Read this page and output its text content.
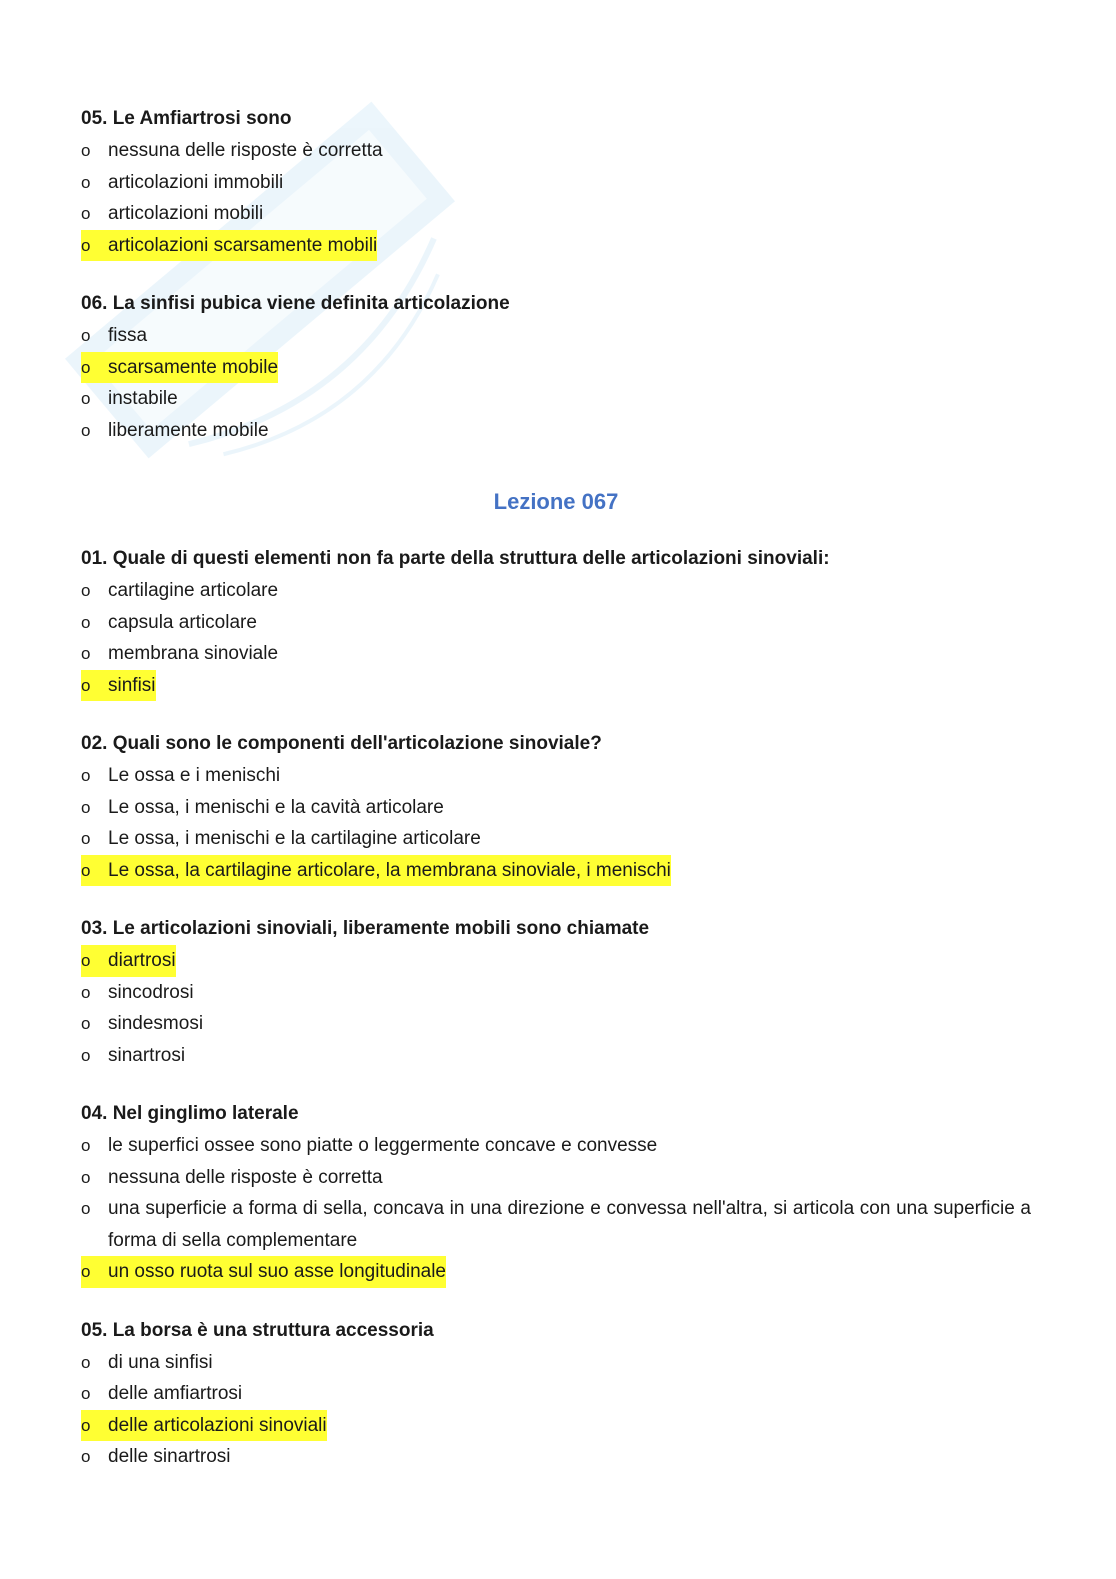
05. Le Amfiartrosi sono
o nessuna delle risposte è corretta
o articolazioni immobili
o articolazioni mobili
o articolazioni scarsamente mobili
06. La sinfisi pubica viene definita articolazione
o fissa
o scarsamente mobile
o instabile
o liberamente mobile
Lezione 067
01. Quale di questi elementi non fa parte della struttura delle articolazioni sinoviali:
o cartilagine articolare
o capsula articolare
o membrana sinoviale
o sinfisi
02. Quali sono le componenti dell'articolazione sinoviale?
o Le ossa e i menischi
o Le ossa, i menischi e la cavità articolare
o Le ossa, i menischi e la cartilagine articolare
o Le ossa, la cartilagine articolare, la membrana sinoviale, i menischi
03. Le articolazioni sinoviali, liberamente mobili sono chiamate
o diartrosi
o sincodrosi
o sindesmosi
o sinartrosi
04. Nel ginglimo laterale
o le superfici ossee sono piatte o leggermente concave e convesse
o nessuna delle risposte è corretta
o una superficie a forma di sella, concava in una direzione e convessa nell'altra, si articola con una superficie a forma di sella complementare
o un osso ruota sul suo asse longitudinale
05. La borsa è una struttura accessoria
o di una sinfisi
o delle amfiartrosi
o delle articolazioni sinoviali
o delle sinartrosi
